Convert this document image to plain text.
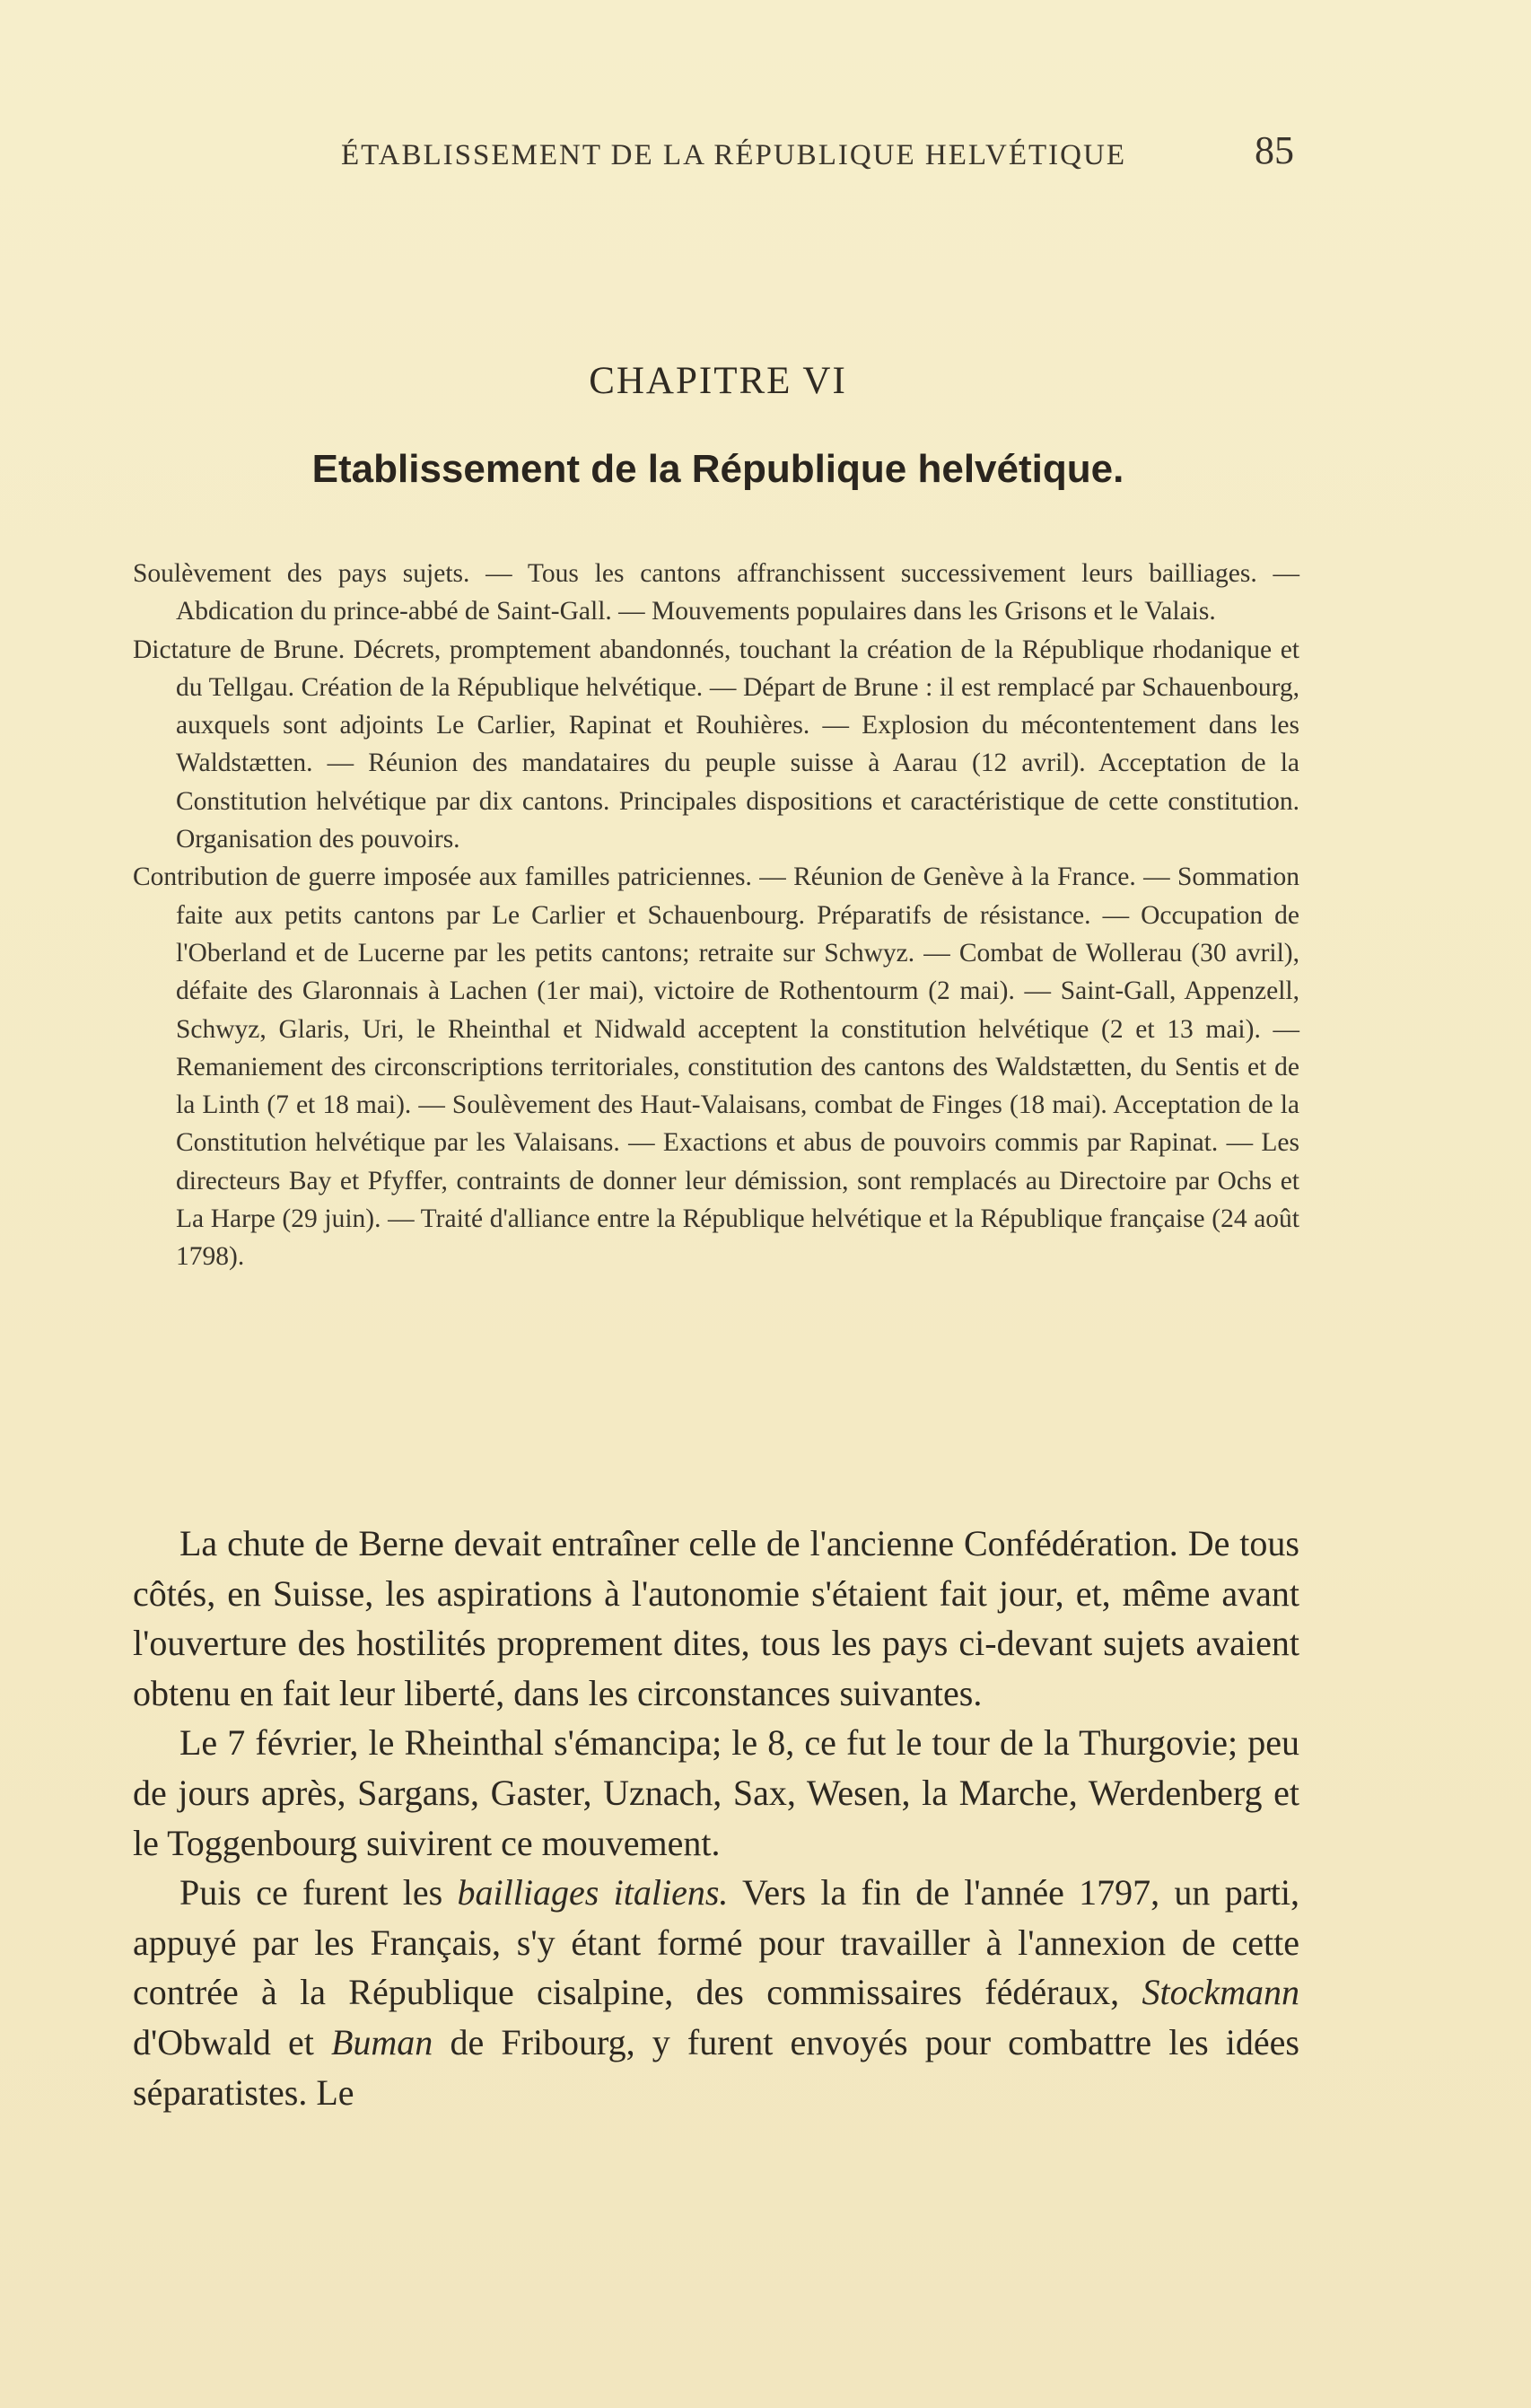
ÉTABLISSEMENT DE LA RÉPUBLIQUE HELVÉTIQUE	85
CHAPITRE VI
Etablissement de la République helvétique.

Soulèvement des pays sujets. — Tous les cantons affranchissent successivement leurs bailliages. — Abdication du prince-abbé de Saint-Gall. — Mouvements populaires dans les Grisons et le Valais.

Dictature de Brune. Décrets, promptement abandonnés, touchant la création de la République rhodanique et du Tellgau. Création de la République helvétique. — Départ de Brune : il est remplacé par Schauenbourg, auxquels sont adjoints Le Carlier, Rapinat et Rouhières. — Explosion du mécontentement dans les Waldstætten. — Réunion des mandataires du peuple suisse à Aarau (12 avril). Acceptation de la Constitution helvétique par dix cantons. Principales dispositions et caractéristique de cette constitution. Organisation des pouvoirs.

Contribution de guerre imposée aux familles patriciennes. — Réunion de Genève à la France. — Sommation faite aux petits cantons par Le Carlier et Schauenbourg. Préparatifs de résistance. — Occupation de l'Oberland et de Lucerne par les petits cantons; retraite sur Schwyz. — Combat de Wollerau (30 avril), défaite des Glaronnais à Lachen (1er mai), victoire de Rothentourm (2 mai). — Saint-Gall, Appenzell, Schwyz, Glaris, Uri, le Rheinthal et Nidwald acceptent la constitution helvétique (2 et 13 mai). — Remaniement des circonscriptions territoriales, constitution des cantons des Waldstætten, du Sentis et de la Linth (7 et 18 mai). — Soulèvement des Haut-Valaisans, combat de Finges (18 mai). Acceptation de la Constitution helvétique par les Valaisans. — Exactions et abus de pouvoirs commis par Rapinat. — Les directeurs Bay et Pfyffer, contraints de donner leur démission, sont remplacés au Directoire par Ochs et La Harpe (29 juin). — Traité d'alliance entre la République helvétique et la République française (24 août 1798).

La chute de Berne devait entraîner celle de l'ancienne Confédération. De tous côtés, en Suisse, les aspirations à l'autonomie s'étaient fait jour, et, même avant l'ouverture des hostilités proprement dites, tous les pays ci-devant sujets avaient obtenu en fait leur liberté, dans les circonstances suivantes.

Le 7 février, le Rheinthal s'émancipa; le 8, ce fut le tour de la Thurgovie; peu de jours après, Sargans, Gaster, Uznach, Sax, Wesen, la Marche, Werdenberg et le Toggenbourg suivirent ce mouvement.

Puis ce furent les bailliages italiens. Vers la fin de l'année 1797, un parti, appuyé par les Français, s'y étant formé pour travailler à l'annexion de cette contrée à la République cisalpine, des commissaires fédéraux, Stockmann d'Obwald et Buman de Fribourg, y furent envoyés pour combattre les idées séparatistes. Le
